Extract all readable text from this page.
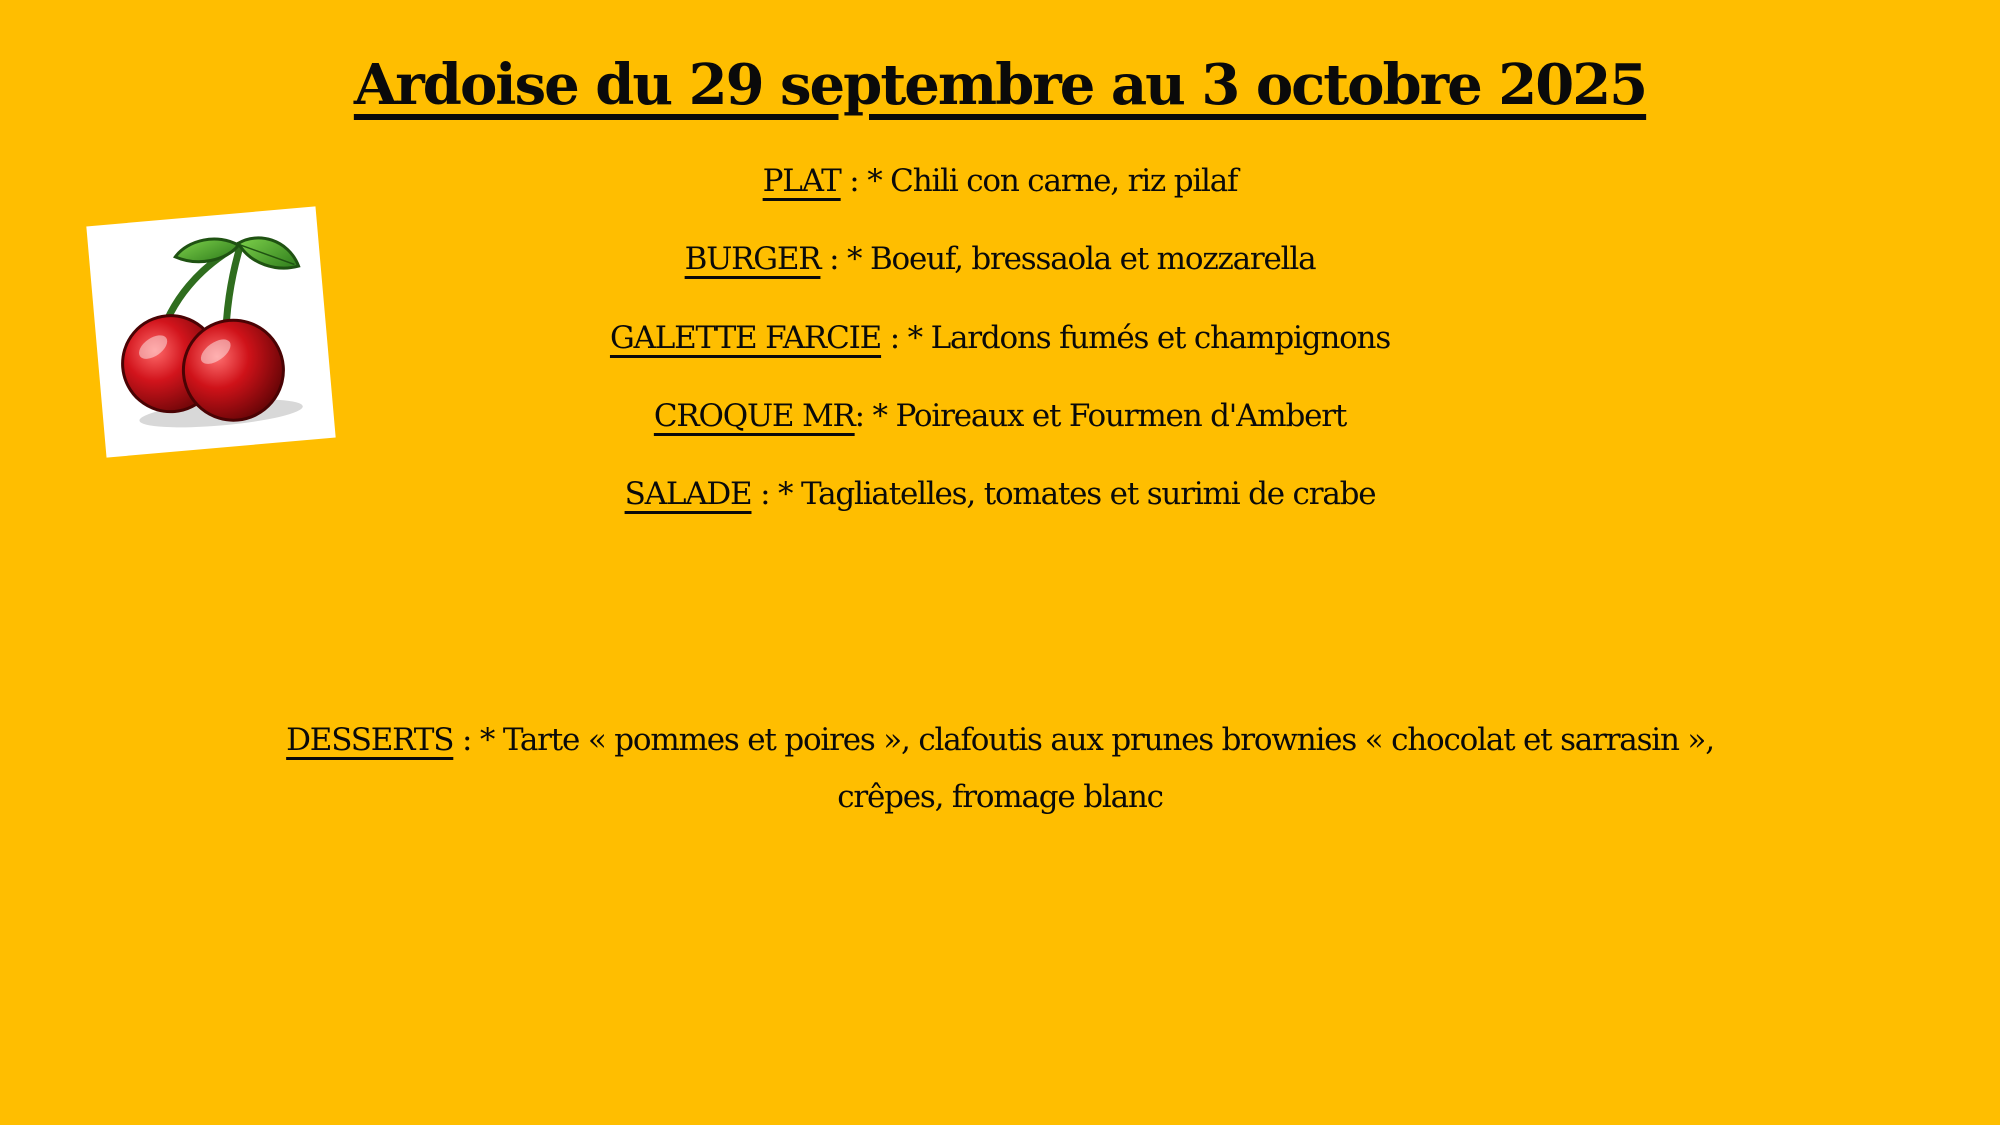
Ardoise du 29 septembre au 3 octobre 2025
PLAT : * Chili con carne, riz pilaf
BURGER : * Boeuf, bressaola et mozzarella
GALETTE FARCIE : * Lardons fumés et champignons
CROQUE MR: * Poireaux et Fourmen d'Ambert
SALADE : * Tagliatelles, tomates et surimi de crabe
DESSERTS : * Tarte « pommes et poires », clafoutis aux prunes brownies « chocolat et sarrasin », crêpes, fromage blanc
